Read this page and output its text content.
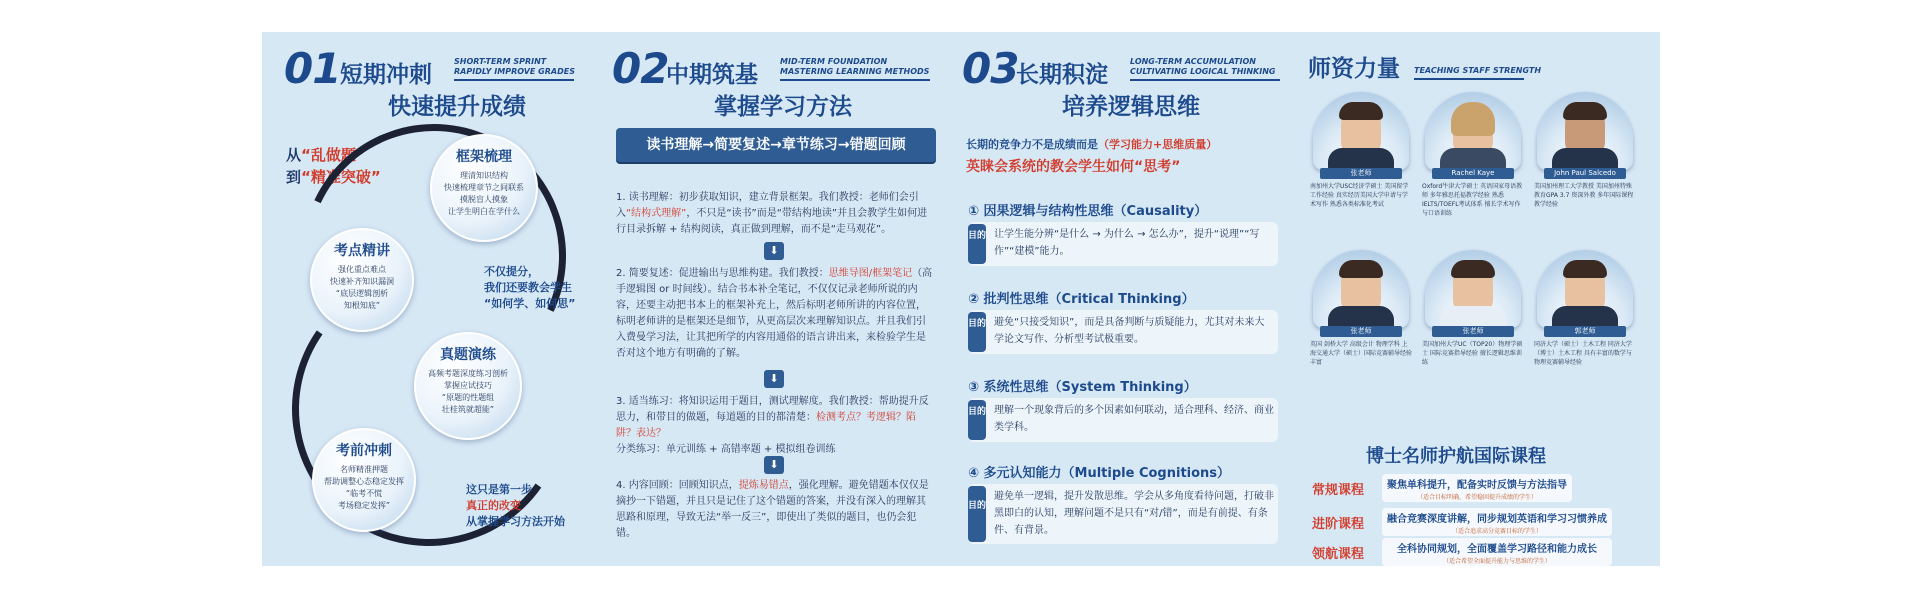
01 短期冲刺
SHORT-TERM SPRINT
RAPIDLY IMPROVE GRADES
快速提升成绩
从“乱做题”
到“精准突破”
框架梳理
理清知识结构
快速梳理章节之间联系
摸脱盲人摸象
让学生明白在学什么
考点精讲
强化重点难点
快速补齐知识漏洞
“底层逻辑剖析
知根知底”
真题演练
高频考题深度练习剖析
掌握应试技巧
“原题的性题组
壮桂筑就超能”
考前冲刺
名师精准押题
帮助调整心态稳定发挥
“临考不慌
考场稳定发挥”
不仅提分，
我们还要教会学生
“如何学、如何思”
这只是第一步
真正的改变
从掌握学习方法开始
02
中期筑基
MID-TERM FOUNDATION
MASTERING LEARNING METHODS
掌握学习方法
读书理解→简要复述→章节练习→错题回顾
1. 读书理解：初步获取知识，建立背景框架。我们教授：老师们会引入“结构式理解”，不只是“读书”而是“带结构地读”并且会教学生如何进行目录拆解 + 结构阅读，真正做到理解，而不是“走马观花”。
⬇
2. 简要复述：促进输出与思维构建。我们教授：思维导图/框架笔记（高手逻辑图 or 时间线）。结合书本补全笔记，不仅仅记录老师所说的内容，还要主动把书本上的框架补充上，然后标明老师所讲的内容位置，标明老师讲的是框架还是细节，从更高层次来理解知识点。并且我们引入费曼学习法，让其把所学的内容用通俗的语言讲出来，来检验学生是否对这个地方有明确的了解。
⬇
3. 适当练习：将知识运用于题目，测试理解度。我们教授：帮助提升反思力，和带目的做题，每道题的目的都清楚：检测考点？考逻辑？陷阱？表达？
分类练习：单元训练 + 高错率题 + 模拟组卷训练
⬇
4. 内容回顾：回顾知识点，提炼易错点，强化理解。避免错题本仅仅是摘抄一下错题，并且只是记住了这个错题的答案，并没有深入的理解其思路和原理，导致无法“举一反三”，即使出了类似的题目，也仍会犯错。
03
长期积淀
LONG-TERM ACCUMULATION
CULTIVATING LOGICAL THINKING
培养逻辑思维
长期的竞争力不是成绩而是（学习能力+思维质量）
英睐会系统的教会学生如何“思考”
① 因果逻辑与结构性思维（Causality）
目的 让学生能分辨“是什么 → 为什么 → 怎么办”，提升“说理”“写作”“建模”能力。
② 批判性思维（Critical Thinking）
目的 避免“只接受知识”，而是具备判断与质疑能力，尤其对未来大学论文写作、分析型考试极重要。
③ 系统性思维（System Thinking）
目的 理解一个现象背后的多个因素如何联动，适合理科、经济、商业类学科。
④ 多元认知能力（Multiple Cognitions）
目的
避免单一逻辑，提升发散思维。学会从多角度看待问题，打破非黑即白的认知，理解问题不是只有“对/错”，而是有前提、有条件、有背景。
师资力量 TEACHING STAFF STRENGTH
张老师
南加州大学USC经济学硕士 美国留学工作经验 真实经历美国大学申请与学术写作 熟悉各类标准化考试
Rachel Kaye
Oxford牛津大学硕士 英语国家母语教师 多年雅思托福教学经验 熟悉IELTS/TOEFL考试体系 擅长学术写作与口语训练
John Paul Salcedo
美国加州理工大学教授 美国加州特殊教育GPA 3.7 资深外教 多年国际课程教学经验
张老师
英国 剑桥大学 高级会计 物理学科 上海交通大学（硕士）国际竞赛辅导经验丰富
张老师
美国加州大学UC（TOP20）物理学硕士 国际竞赛指导经验 擅长逻辑思维训练
郭老师
同济大学（硕士）土木工程 同济大学（博士）土木工程 具有丰富的数学与物理竞赛辅导经验
博士名师护航国际课程
常规课程	聚焦单科提升，配备实时反馈与方法指导
（适合目标明确，希望稳固提升成绩的学生）
进阶课程	融合竞赛深度讲解，同步规划英语和学习习惯养成
（适合追求高分竞赛目标的学生）
领航课程	全科协同规划，全面覆盖学习路径和能力成长
（适合希望全面提升能力与思维的学生）
